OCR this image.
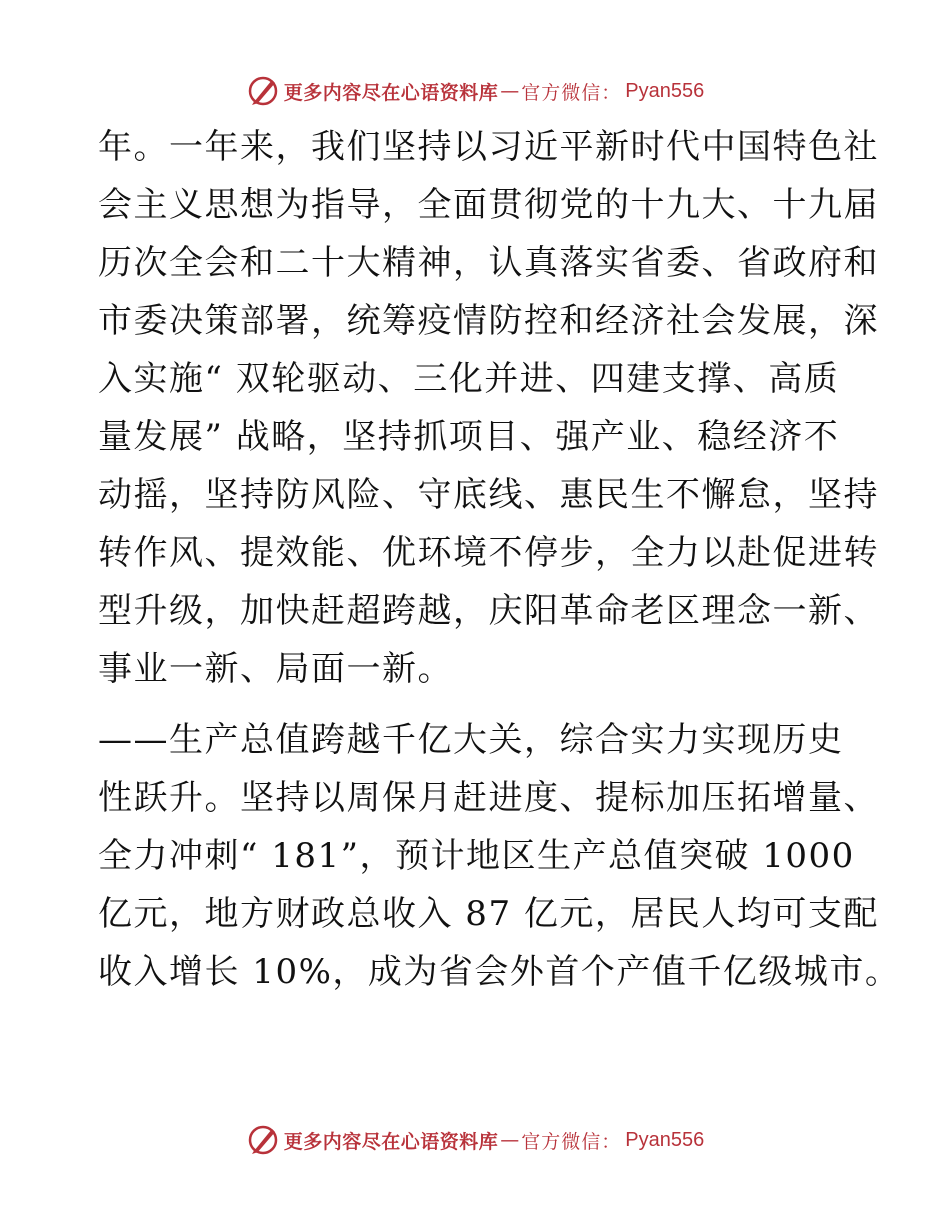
更多内容尽在心语资料库 — 官方微信： Pyan556
年。一年来，我们坚持以习近平新时代中国特色社
会主义思想为指导，全面贯彻党的十九大、十九届
历次全会和二十大精神，认真落实省委、省政府和
市委决策部署，统筹疫情防控和经济社会发展，深
入实施“ 双轮驱动、三化并进、四建支撑、高质
量发展” 战略，坚持抓项目、强产业、稳经济不
动摇，坚持防风险、守底线、惠民生不懈怠，坚持
转作风、提效能、优环境不停步，全力以赴促进转
型升级，加快赶超跨越，庆阳革命老区理念一新、
事业一新、局面一新。
——生产总值跨越千亿大关，综合实力实现历史
性跃升。坚持以周保月赶进度、提标加压拓增量、
全力冲刺“ 181”，预计地区生产总值突破 1000
亿元，地方财政总收入 87 亿元，居民人均可支配
收入增长 10%，成为省会外首个产值千亿级城市。
更多内容尽在心语资料库 — 官方微信： Pyan556
